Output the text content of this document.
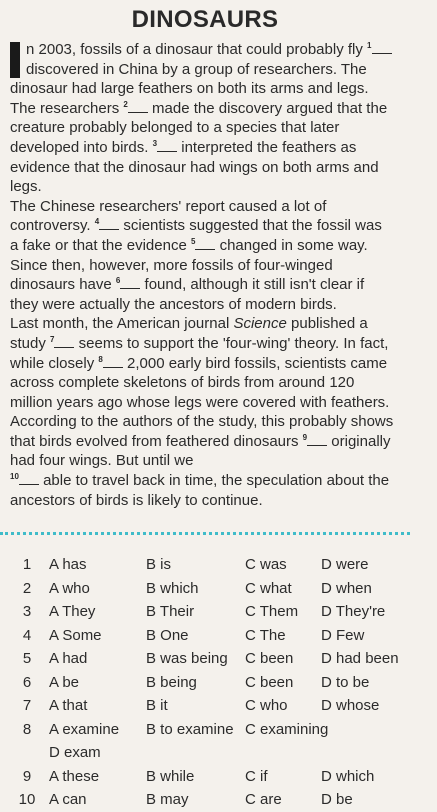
DINOSAURS

n 2003, fossils of a dinosaur that could probably fly $^1$ discovered in China by a group of researchers. The dinosaur had large feathers on both its arms and legs. The researchers $^2$ made the discovery argued that the creature probably belonged to a species that later developed into birds. $^3$ interpreted the feathers as evidence that the dinosaur had wings on both arms and legs.

The Chinese researchers' report caused a lot of controversy. $^4$ scientists suggested that the fossil was a fake or that the evidence $^5$ changed in some way. Since then, however, more fossils of four-winged dinosaurs have $^6$ found, although it still isn't clear if they were actually the ancestors of modern birds.

Last month, the American journal Science published a study $^7$ seems to support the 'four-wing' theory. In fact, while closely $^8$ 2,000 early bird fossils, scientists came across complete skeletons of birds from around 120 million years ago whose legs were covered with feathers. According to the authors of the study, this probably shows that birds evolved from feathered dinosaurs $^9$ originally had four wings. But until we
$^{10}$ able to travel back in time, the speculation about the ancestors of birds is likely to continue.

1	A has	B is	C was D were
2	A who	B which	C what D when
3	A They	B Their	C Them D They're
4	A Some	B One	C The D Few
5	A had	B was being C been D had been
6	A be	B being	C been D to be
7	A that	B it	C who D whose
8	A examine B to examine C examining
D exam
9	A these	B while	C if	D which
10 A can	B may	C are	D be
